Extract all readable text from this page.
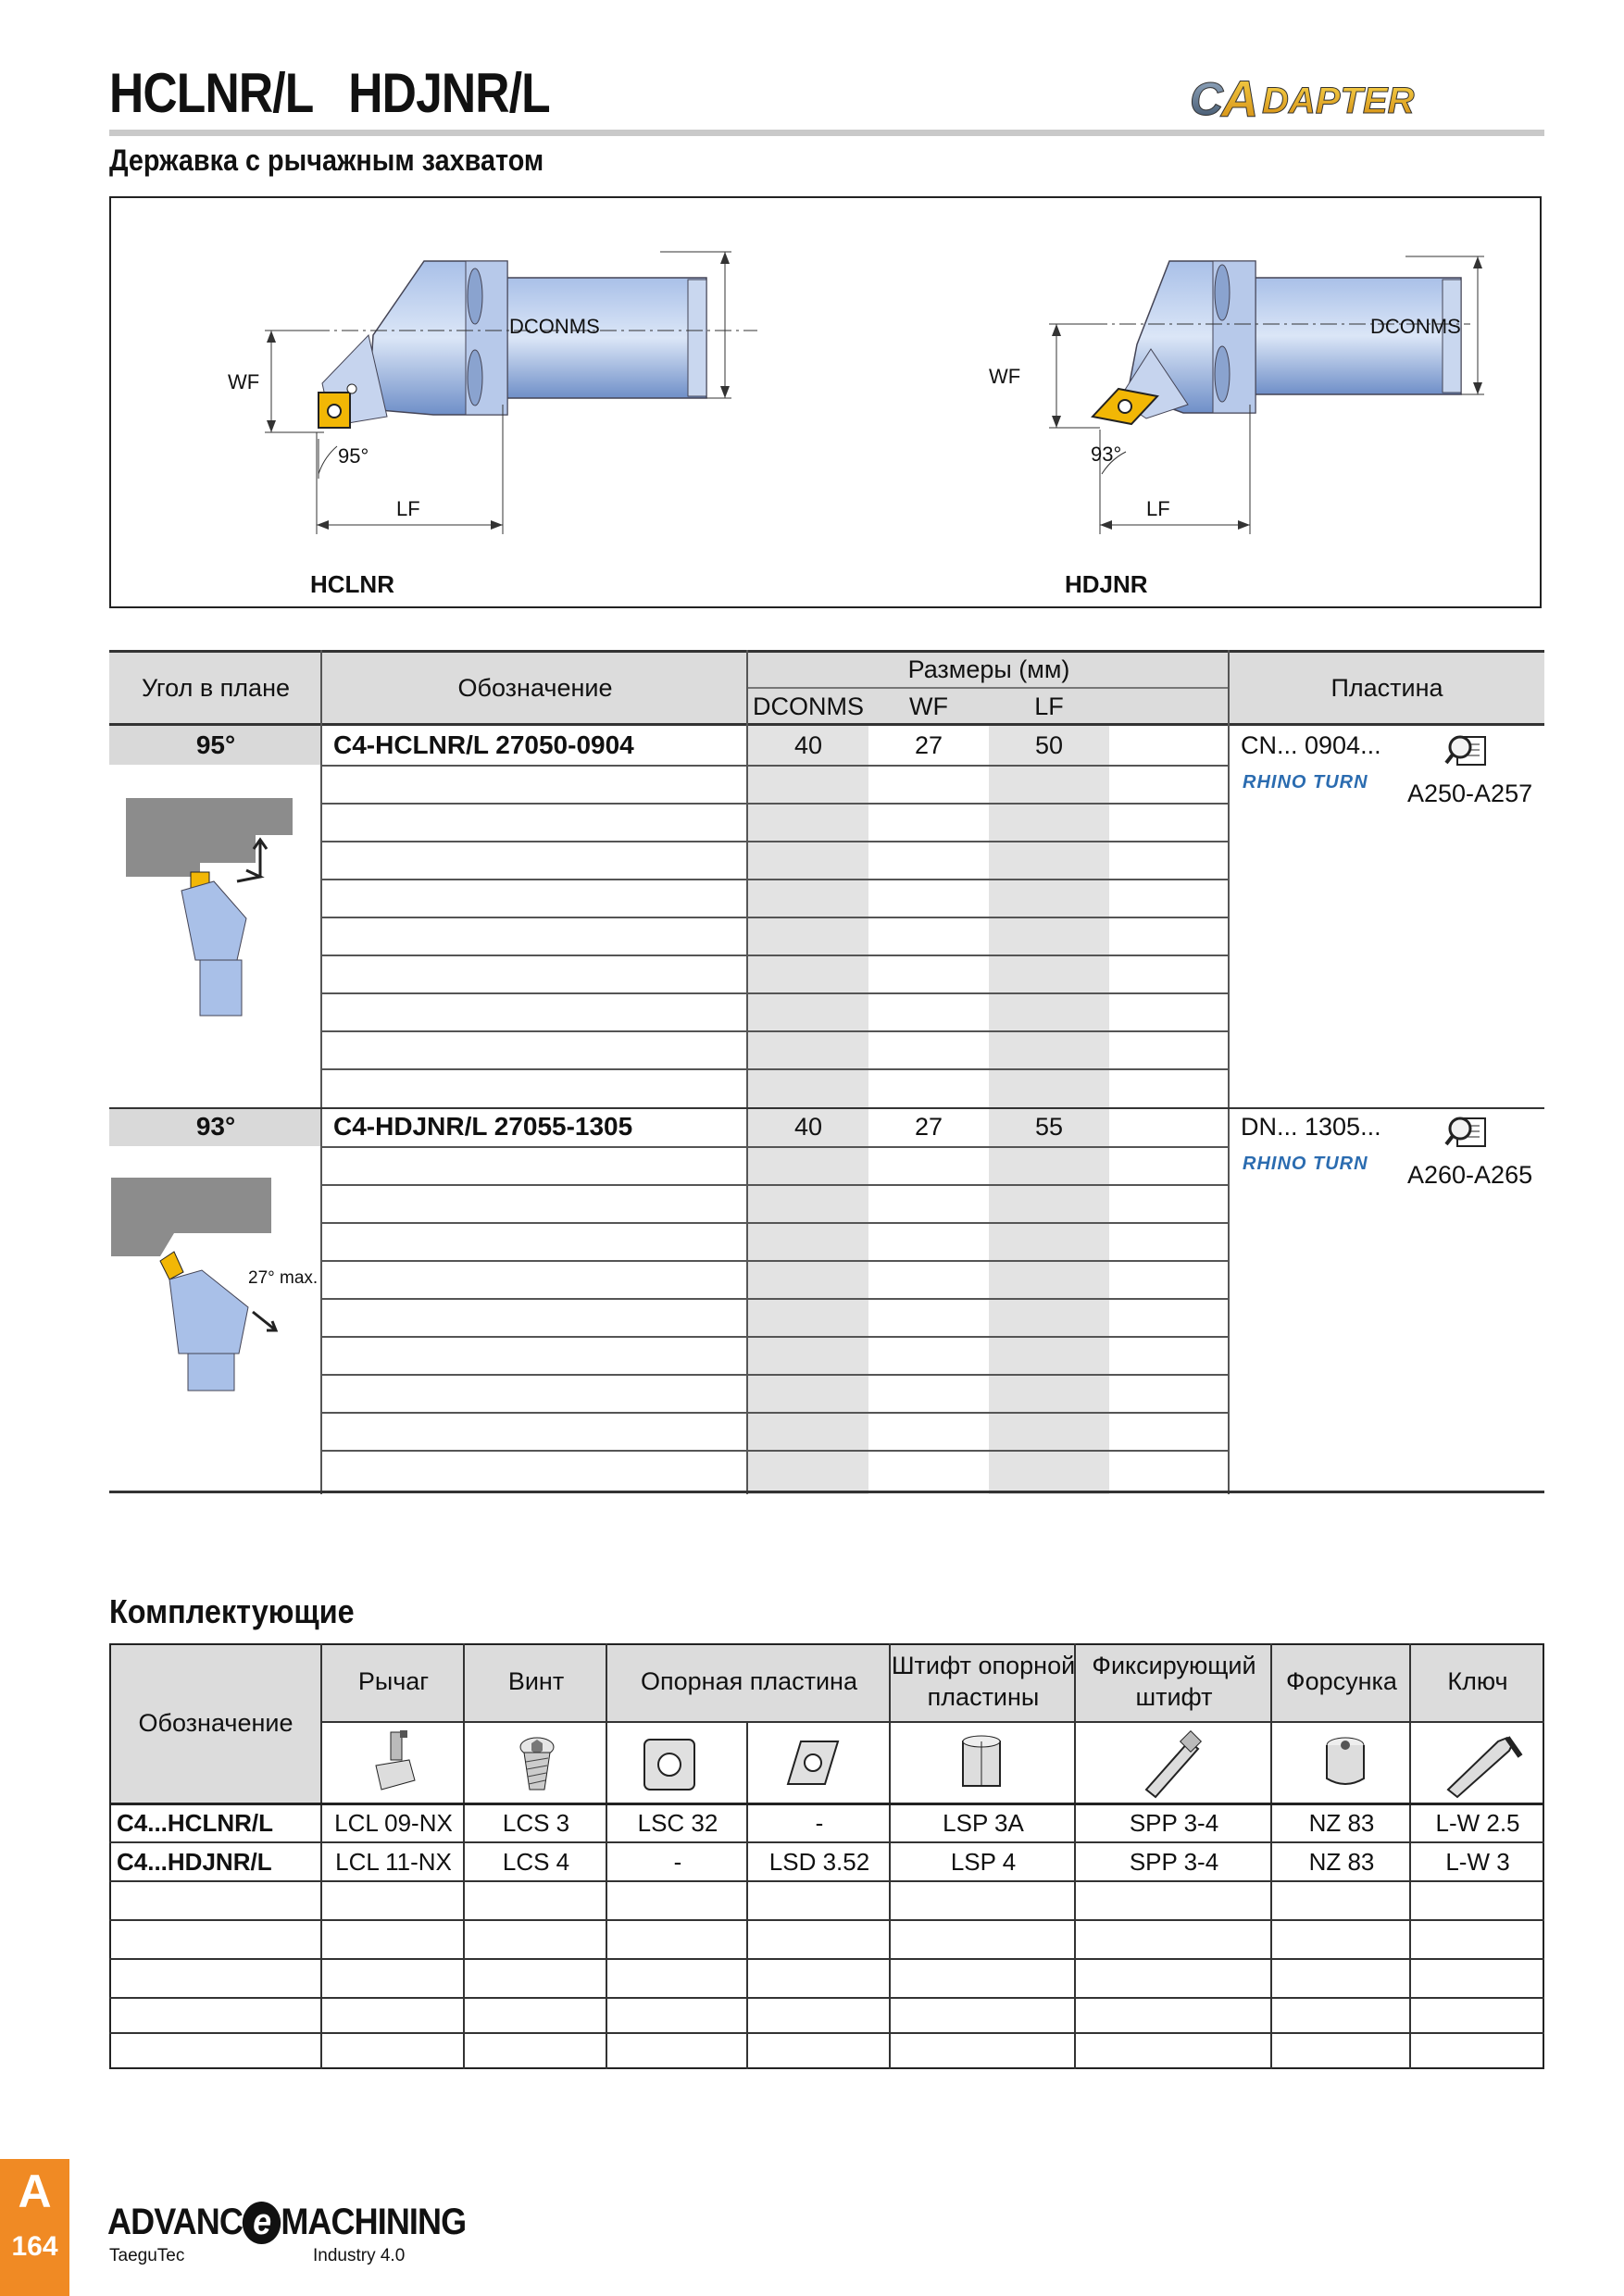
HCLNR/L HDJNR/L	C
A DAPTER
Державка с рычажным захватом
DCONMS
WF
LF
95°
HCLNR
DCONMS
WF
LF
93°
HDJNR
Угол в плане	Обозначение
Размеры (мм)
DCONMS	WF	LF
Пластина
95°	C4-HCLNR/L 27050-0904	40	27	50	CN... 0904...
RHINO TURN A250-A257
93°	C4-HDJNR/L 27055-1305	40	27	55	DN... 1305...
RHINO TURN A260-A265
27° max.
Комплектующие
Обозначение
Рычаг	Винт	Опорная пластина
Штифт опорной
пластины
Фиксирующий
штифт
Форсунка	Ключ
C4...HCLNR/L	LCL 09-NX	LCS 3	LSC 32	-	LSP 3A	SPP 3-4	NZ 83	L-W 2.5
C4...HDJNR/L	LCL 11-NX	LCS 4	-	LSD 3.52	LSP 4	SPP 3-4	NZ 83	L-W 3
A
164
ADVANC e MACHINING
TaeguTec	Industry 4.0
